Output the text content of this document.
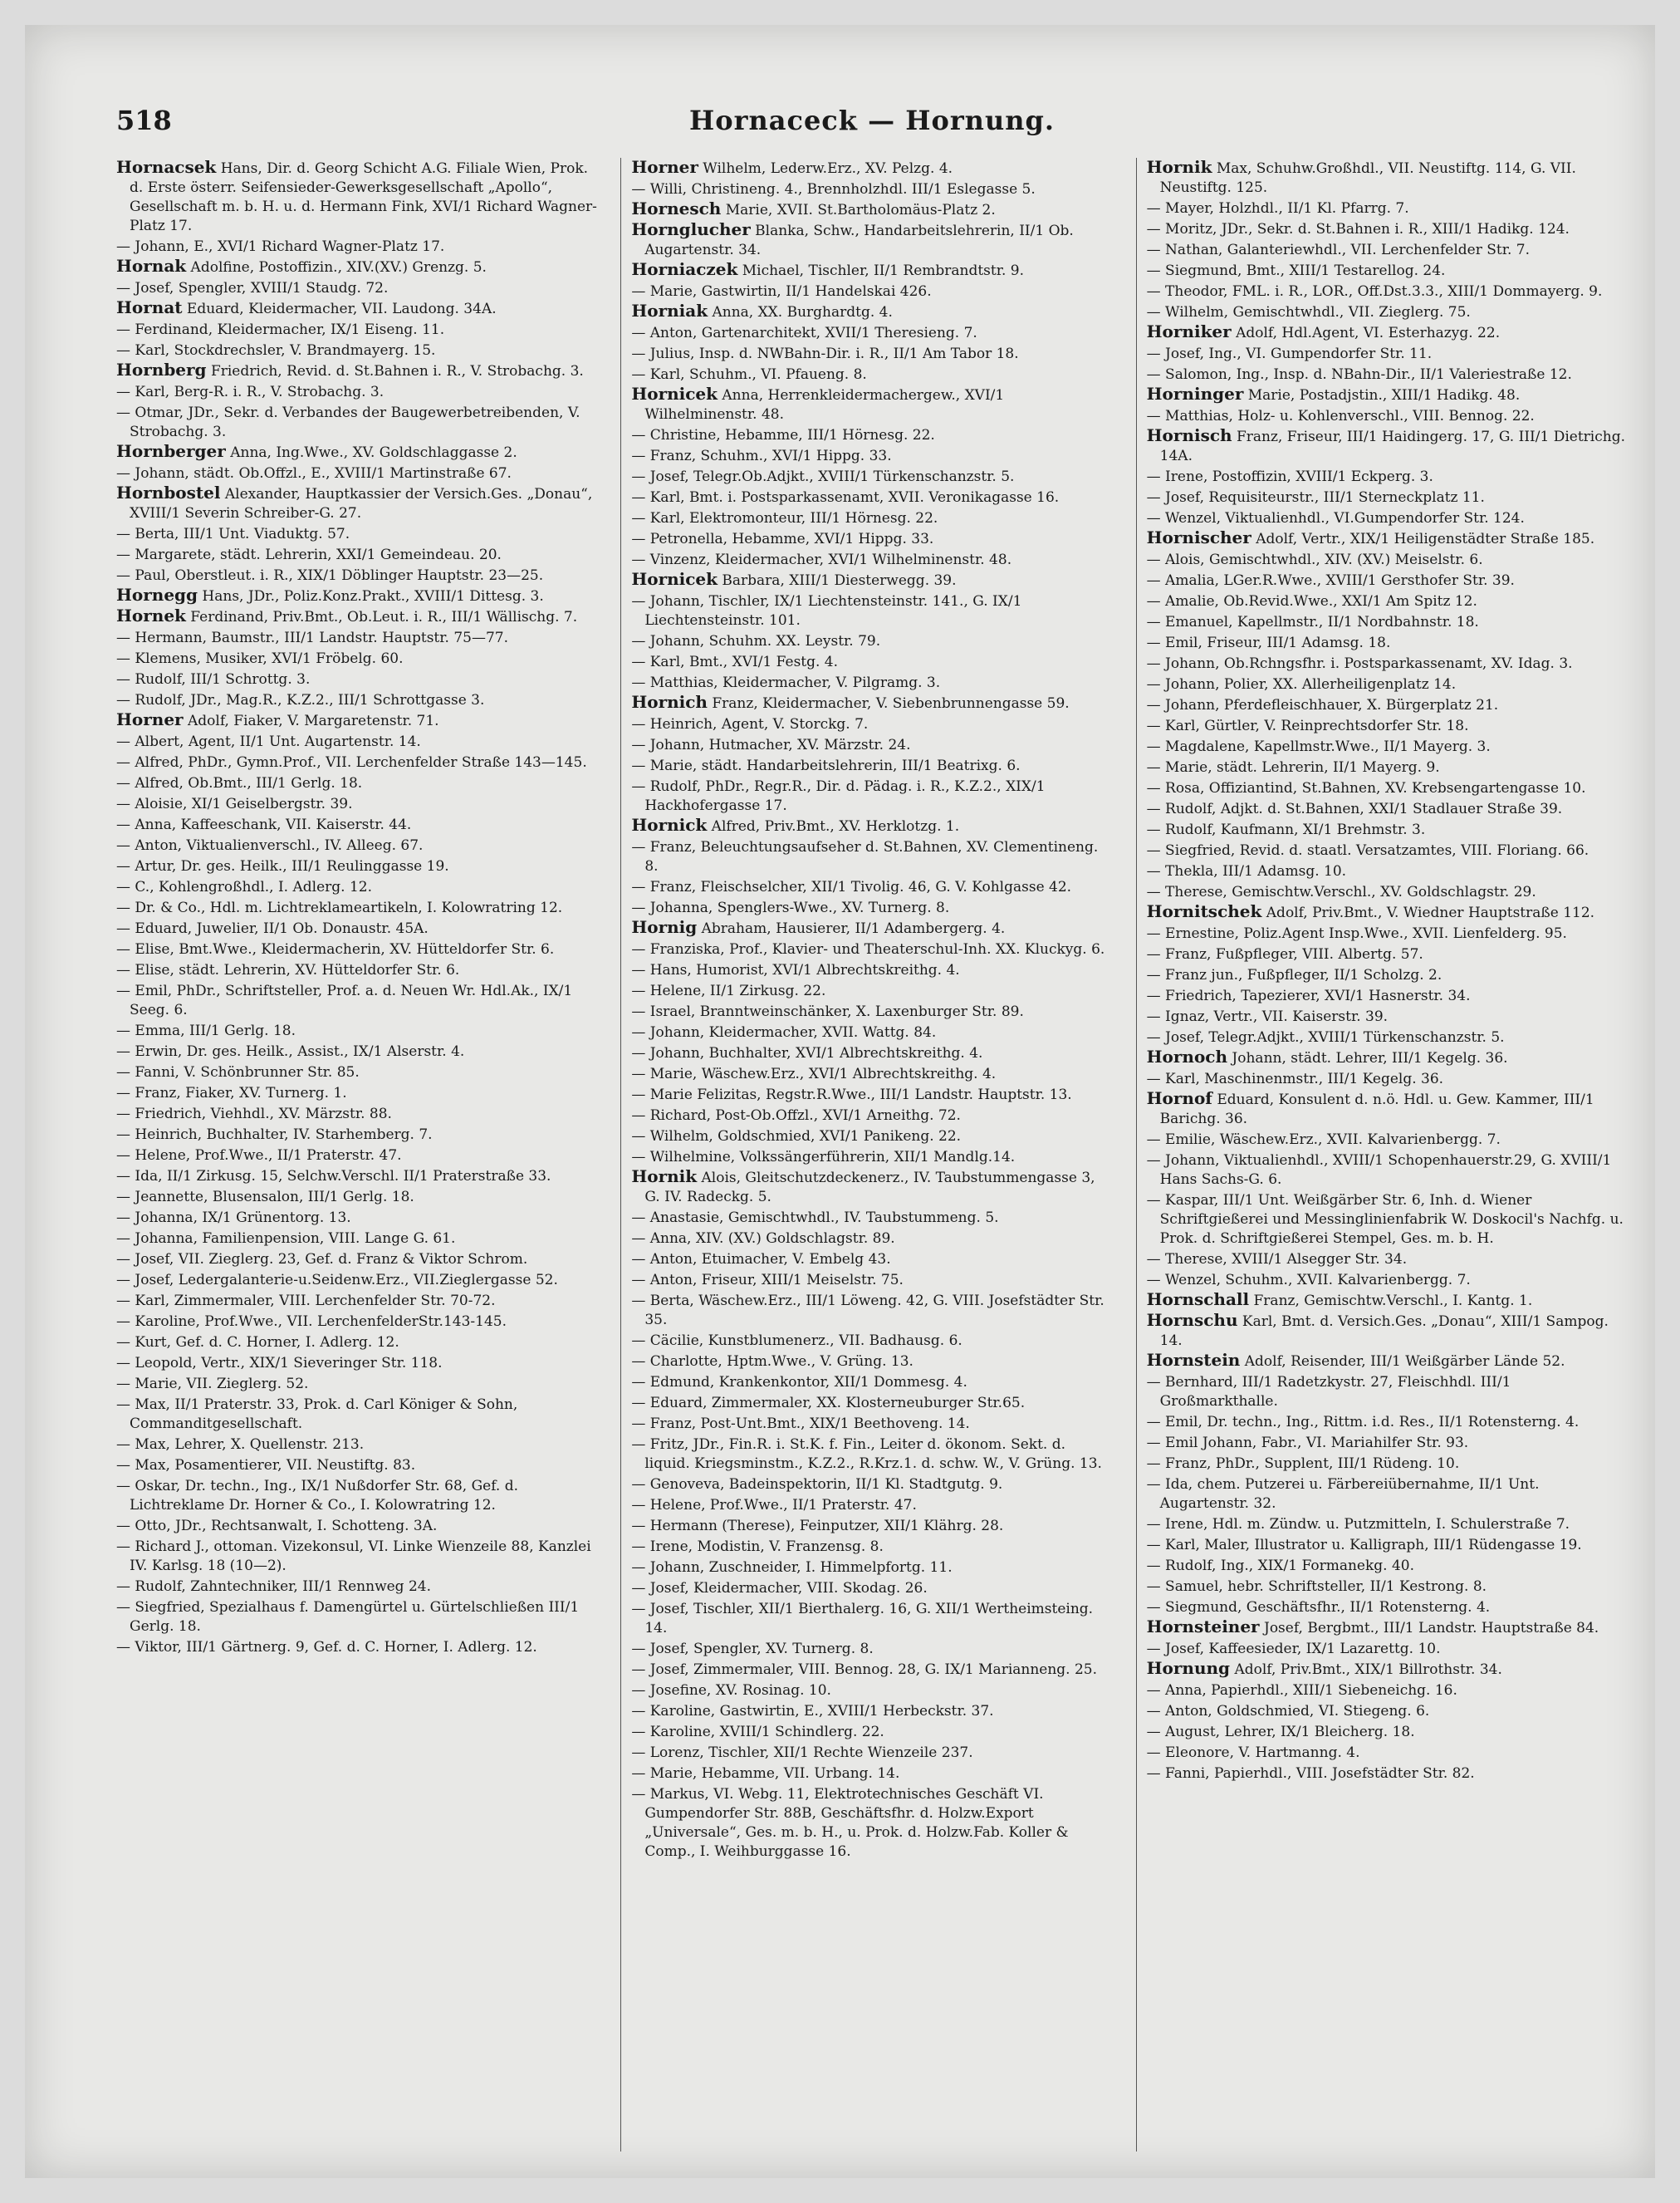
518	Hornaceck — Hornung.

Hornacsek Hans, Dir. d. Georg Schicht A.G. Filiale Wien, Prok. d. Erste österr. Seifensieder-Gewerksgesellschaft „Apollo“, Gesellschaft m. b. H. u. d. Hermann Fink, XVI/1 Richard Wagner-Platz 17.

— Johann, E., XVI/1 Richard Wagner-Platz 17.

Hornak Adolfine, Postoffizin., XIV.(XV.) Grenzg. 5.

— Josef, Spengler, XVIII/1 Staudg. 72.

Hornat Eduard, Kleidermacher, VII. Laudong. 34A.

— Ferdinand, Kleidermacher, IX/1 Eiseng. 11.

— Karl, Stockdrechsler, V. Brandmayerg. 15.

Hornberg Friedrich, Revid. d. St.Bahnen i. R., V. Strobachg. 3.

— Karl, Berg-R. i. R., V. Strobachg. 3.

— Otmar, JDr., Sekr. d. Verbandes der Baugewerbetreibenden, V. Strobachg. 3.

Hornberger Anna, Ing.Wwe., XV. Goldschlaggasse 2.

— Johann, städt. Ob.Offzl., E., XVIII/1 Martinstraße 67.

Hornbostel Alexander, Hauptkassier der Versich.Ges. „Donau“, XVIII/1 Severin Schreiber-G. 27.

— Berta, III/1 Unt. Viaduktg. 57.

— Margarete, städt. Lehrerin, XXI/1 Gemeindeau. 20.

— Paul, Oberstleut. i. R., XIX/1 Döblinger Hauptstr. 23—25.

Hornegg Hans, JDr., Poliz.Konz.Prakt., XVIII/1 Dittesg. 3.

Hornek Ferdinand, Priv.Bmt., Ob.Leut. i. R., III/1 Wällischg. 7.

— Hermann, Baumstr., III/1 Landstr. Hauptstr. 75—77.

— Klemens, Musiker, XVI/1 Fröbelg. 60.

— Rudolf, III/1 Schrottg. 3.

— Rudolf, JDr., Mag.R., K.Z.2., III/1 Schrottgasse 3.

Horner Adolf, Fiaker, V. Margaretenstr. 71.

— Albert, Agent, II/1 Unt. Augartenstr. 14.

— Alfred, PhDr., Gymn.Prof., VII. Lerchenfelder Straße 143—145.

— Alfred, Ob.Bmt., III/1 Gerlg. 18.

— Aloisie, XI/1 Geiselbergstr. 39.

— Anna, Kaffeeschank, VII. Kaiserstr. 44.

— Anton, Viktualienverschl., IV. Alleeg. 67.

— Artur, Dr. ges. Heilk., III/1 Reulinggasse 19.

— C., Kohlengroßhdl., I. Adlerg. 12.

— Dr. & Co., Hdl. m. Lichtreklameartikeln, I. Kolowratring 12.

— Eduard, Juwelier, II/1 Ob. Donaustr. 45A.

— Elise, Bmt.Wwe., Kleidermacherin, XV. Hütteldorfer Str. 6.

— Elise, städt. Lehrerin, XV. Hütteldorfer Str. 6.

— Emil, PhDr., Schriftsteller, Prof. a. d. Neuen Wr. Hdl.Ak., IX/1 Seeg. 6.

— Emma, III/1 Gerlg. 18.

— Erwin, Dr. ges. Heilk., Assist., IX/1 Alserstr. 4.

— Fanni, V. Schönbrunner Str. 85.

— Franz, Fiaker, XV. Turnerg. 1.

— Friedrich, Viehhdl., XV. Märzstr. 88.

— Heinrich, Buchhalter, IV. Starhemberg. 7.

— Helene, Prof.Wwe., II/1 Praterstr. 47.

— Ida, II/1 Zirkusg. 15, Selchw.Verschl. II/1 Praterstraße 33.

— Jeannette, Blusensalon, III/1 Gerlg. 18.

— Johanna, IX/1 Grünentorg. 13.

— Johanna, Familienpension, VIII. Lange G. 61.

— Josef, VII. Zieglerg. 23, Gef. d. Franz & Viktor Schrom.

— Josef, Ledergalanterie-u.Seidenw.Erz., VII.Zieglergasse 52.

— Karl, Zimmermaler, VIII. Lerchenfelder Str. 70-72.

— Karoline, Prof.Wwe., VII. LerchenfelderStr.143-145.

— Kurt, Gef. d. C. Horner, I. Adlerg. 12.

— Leopold, Vertr., XIX/1 Sieveringer Str. 118.

— Marie, VII. Zieglerg. 52.

— Max, II/1 Praterstr. 33, Prok. d. Carl Königer & Sohn, Commanditgesellschaft.

— Max, Lehrer, X. Quellenstr. 213.

— Max, Posamentierer, VII. Neustiftg. 83.

— Oskar, Dr. techn., Ing., IX/1 Nußdorfer Str. 68, Gef. d. Lichtreklame Dr. Horner & Co., I. Kolowratring 12.

— Otto, JDr., Rechtsanwalt, I. Schotteng. 3A.

— Richard J., ottoman. Vizekonsul, VI. Linke Wienzeile 88, Kanzlei IV. Karlsg. 18 (10—2).

— Rudolf, Zahntechniker, III/1 Rennweg 24.

— Siegfried, Spezialhaus f. Damengürtel u. Gürtelschließen III/1 Gerlg. 18.

— Viktor, III/1 Gärtnerg. 9, Gef. d. C. Horner, I. Adlerg. 12.

Horner Wilhelm, Lederw.Erz., XV. Pelzg. 4.

— Willi, Christineng. 4., Brennholzhdl. III/1 Eslegasse 5.

Hornesch Marie, XVII. St.Bartholomäus-Platz 2.

Hornglucher Blanka, Schw., Handarbeitslehrerin, II/1 Ob. Augartenstr. 34.

Horniaczek Michael, Tischler, II/1 Rembrandtstr. 9.

— Marie, Gastwirtin, II/1 Handelskai 426.

Horniak Anna, XX. Burghardtg. 4.

— Anton, Gartenarchitekt, XVII/1 Theresieng. 7.

— Julius, Insp. d. NWBahn-Dir. i. R., II/1 Am Tabor 18.

— Karl, Schuhm., VI. Pfaueng. 8.

Hornicek Anna, Herrenkleidermachergew., XVI/1 Wilhelminenstr. 48.

— Christine, Hebamme, III/1 Hörnesg. 22.

— Franz, Schuhm., XVI/1 Hippg. 33.

— Josef, Telegr.Ob.Adjkt., XVIII/1 Türkenschanzstr. 5.

— Karl, Bmt. i. Postsparkassenamt, XVII. Veronikagasse 16.

— Karl, Elektromonteur, III/1 Hörnesg. 22.

— Petronella, Hebamme, XVI/1 Hippg. 33.

— Vinzenz, Kleidermacher, XVI/1 Wilhelminenstr. 48.

Hornicek Barbara, XIII/1 Diesterwegg. 39.

— Johann, Tischler, IX/1 Liechtensteinstr. 141., G. IX/1 Liechtensteinstr. 101.

— Johann, Schuhm. XX. Leystr. 79.

— Karl, Bmt., XVI/1 Festg. 4.

— Matthias, Kleidermacher, V. Pilgramg. 3.

Hornich Franz, Kleidermacher, V. Siebenbrunnengasse 59.

— Heinrich, Agent, V. Storckg. 7.

— Johann, Hutmacher, XV. Märzstr. 24.

— Marie, städt. Handarbeitslehrerin, III/1 Beatrixg. 6.

— Rudolf, PhDr., Regr.R., Dir. d. Pädag. i. R., K.Z.2., XIX/1 Hackhofergasse 17.

Hornick Alfred, Priv.Bmt., XV. Herklotzg. 1.

— Franz, Beleuchtungsaufseher d. St.Bahnen, XV. Clementineng. 8.

— Franz, Fleischselcher, XII/1 Tivolig. 46, G. V. Kohlgasse 42.

— Johanna, Spenglers-Wwe., XV. Turnerg. 8.

Hornig Abraham, Hausierer, II/1 Adambergerg. 4.

— Franziska, Prof., Klavier- und Theaterschul-Inh. XX. Kluckyg. 6.

— Hans, Humorist, XVI/1 Albrechtskreithg. 4.

— Helene, II/1 Zirkusg. 22.

— Israel, Branntweinschänker, X. Laxenburger Str. 89.

— Johann, Kleidermacher, XVII. Wattg. 84.

— Johann, Buchhalter, XVI/1 Albrechtskreithg. 4.

— Marie, Wäschew.Erz., XVI/1 Albrechtskreithg. 4.

— Marie Felizitas, Regstr.R.Wwe., III/1 Landstr. Hauptstr. 13.

— Richard, Post-Ob.Offzl., XVI/1 Arneithg. 72.

— Wilhelm, Goldschmied, XVI/1 Panikeng. 22.

— Wilhelmine, Volkssängerführerin, XII/1 Mandlg.14.

Hornik Alois, Gleitschutzdeckenerz., IV. Taubstummengasse 3, G. IV. Radeckg. 5.

— Anastasie, Gemischtwhdl., IV. Taubstummeng. 5.

— Anna, XIV. (XV.) Goldschlagstr. 89.

— Anton, Etuimacher, V. Embelg 43.

— Anton, Friseur, XIII/1 Meiselstr. 75.

— Berta, Wäschew.Erz., III/1 Löweng. 42, G. VIII. Josefstädter Str. 35.

— Cäcilie, Kunstblumenerz., VII. Badhausg. 6.

— Charlotte, Hptm.Wwe., V. Grüng. 13.

— Edmund, Krankenkontor, XII/1 Dommesg. 4.

— Eduard, Zimmermaler, XX. Klosterneuburger Str.65.

— Franz, Post-Unt.Bmt., XIX/1 Beethoveng. 14.

— Fritz, JDr., Fin.R. i. St.K. f. Fin., Leiter d. ökonom. Sekt. d. liquid. Kriegsminstm., K.Z.2., R.Krz.1. d. schw. W., V. Grüng. 13.

— Genoveva, Badeinspektorin, II/1 Kl. Stadtgutg. 9.

— Helene, Prof.Wwe., II/1 Praterstr. 47.

— Hermann (Therese), Feinputzer, XII/1 Klährg. 28.

— Irene, Modistin, V. Franzensg. 8.

— Johann, Zuschneider, I. Himmelpfortg. 11.

— Josef, Kleidermacher, VIII. Skodag. 26.

— Josef, Tischler, XII/1 Bierthalerg. 16, G. XII/1 Wertheimsteing. 14.

— Josef, Spengler, XV. Turnerg. 8.

— Josef, Zimmermaler, VIII. Bennog. 28, G. IX/1 Marianneng. 25.

— Josefine, XV. Rosinag. 10.

— Karoline, Gastwirtin, E., XVIII/1 Herbeckstr. 37.

— Karoline, XVIII/1 Schindlerg. 22.

— Lorenz, Tischler, XII/1 Rechte Wienzeile 237.

— Marie, Hebamme, VII. Urbang. 14.

— Markus, VI. Webg. 11, Elektrotechnisches Geschäft VI. Gumpendorfer Str. 88B, Geschäftsfhr. d. Holzw.Export „Universale“, Ges. m. b. H., u. Prok. d. Holzw.Fab. Koller & Comp., I. Weihburggasse 16.

Hornik Max, Schuhw.Großhdl., VII. Neustiftg. 114, G. VII. Neustiftg. 125.

— Mayer, Holzhdl., II/1 Kl. Pfarrg. 7.

— Moritz, JDr., Sekr. d. St.Bahnen i. R., XIII/1 Hadikg. 124.

— Nathan, Galanteriewhdl., VII. Lerchenfelder Str. 7.

— Siegmund, Bmt., XIII/1 Testarellog. 24.

— Theodor, FML. i. R., LOR., Off.Dst.3.3., XIII/1 Dommayerg. 9.

— Wilhelm, Gemischtwhdl., VII. Zieglerg. 75.

Horniker Adolf, Hdl.Agent, VI. Esterhazyg. 22.

— Josef, Ing., VI. Gumpendorfer Str. 11.

— Salomon, Ing., Insp. d. NBahn-Dir., II/1 Valeriestraße 12.

Horninger Marie, Postadjstin., XIII/1 Hadikg. 48.

— Matthias, Holz- u. Kohlenverschl., VIII. Bennog. 22.

Hornisch Franz, Friseur, III/1 Haidingerg. 17, G. III/1 Dietrichg. 14A.

— Irene, Postoffizin, XVIII/1 Eckperg. 3.

— Josef, Requisiteurstr., III/1 Sterneckplatz 11.

— Wenzel, Viktualienhdl., VI.Gumpendorfer Str. 124.

Hornischer Adolf, Vertr., XIX/1 Heiligenstädter Straße 185.

— Alois, Gemischtwhdl., XIV. (XV.) Meiselstr. 6.

— Amalia, LGer.R.Wwe., XVIII/1 Gersthofer Str. 39.

— Amalie, Ob.Revid.Wwe., XXI/1 Am Spitz 12.

— Emanuel, Kapellmstr., II/1 Nordbahnstr. 18.

— Emil, Friseur, III/1 Adamsg. 18.

— Johann, Ob.Rchngsfhr. i. Postsparkassenamt, XV. Idag. 3.

— Johann, Polier, XX. Allerheiligenplatz 14.

— Johann, Pferdefleischhauer, X. Bürgerplatz 21.

— Karl, Gürtler, V. Reinprechtsdorfer Str. 18.

— Magdalene, Kapellmstr.Wwe., II/1 Mayerg. 3.

— Marie, städt. Lehrerin, II/1 Mayerg. 9.

— Rosa, Offiziantind, St.Bahnen, XV. Krebsengartengasse 10.

— Rudolf, Adjkt. d. St.Bahnen, XXI/1 Stadlauer Straße 39.

— Rudolf, Kaufmann, XI/1 Brehmstr. 3.

— Siegfried, Revid. d. staatl. Versatzamtes, VIII. Floriang. 66.

— Thekla, III/1 Adamsg. 10.

— Therese, Gemischtw.Verschl., XV. Goldschlagstr. 29.

Hornitschek Adolf, Priv.Bmt., V. Wiedner Hauptstraße 112.

— Ernestine, Poliz.Agent Insp.Wwe., XVII. Lienfelderg. 95.

— Franz, Fußpfleger, VIII. Albertg. 57.

— Franz jun., Fußpfleger, II/1 Scholzg. 2.

— Friedrich, Tapezierer, XVI/1 Hasnerstr. 34.

— Ignaz, Vertr., VII. Kaiserstr. 39.

— Josef, Telegr.Adjkt., XVIII/1 Türkenschanzstr. 5.

Hornoch Johann, städt. Lehrer, III/1 Kegelg. 36.

— Karl, Maschinenmstr., III/1 Kegelg. 36.

Hornof Eduard, Konsulent d. n.ö. Hdl. u. Gew. Kammer, III/1 Barichg. 36.

— Emilie, Wäschew.Erz., XVII. Kalvarienbergg. 7.

— Johann, Viktualienhdl., XVIII/1 Schopenhauerstr.29, G. XVIII/1 Hans Sachs-G. 6.

— Kaspar, III/1 Unt. Weißgärber Str. 6, Inh. d. Wiener Schriftgießerei und Messinglinienfabrik W. Doskocil's Nachfg. u. Prok. d. Schriftgießerei Stempel, Ges. m. b. H.

— Therese, XVIII/1 Alsegger Str. 34.

— Wenzel, Schuhm., XVII. Kalvarienbergg. 7.

Hornschall Franz, Gemischtw.Verschl., I. Kantg. 1.

Hornschu Karl, Bmt. d. Versich.Ges. „Donau“, XIII/1 Sampog. 14.

Hornstein Adolf, Reisender, III/1 Weißgärber Lände 52.

— Bernhard, III/1 Radetzkystr. 27, Fleischhdl. III/1 Großmarkthalle.

— Emil, Dr. techn., Ing., Rittm. i.d. Res., II/1 Rotensterng. 4.

— Emil Johann, Fabr., VI. Mariahilfer Str. 93.

— Franz, PhDr., Supplent, III/1 Rüdeng. 10.

— Ida, chem. Putzerei u. Färbereiübernahme, II/1 Unt. Augartenstr. 32.

— Irene, Hdl. m. Zündw. u. Putzmitteln, I. Schulerstraße 7.

— Karl, Maler, Illustrator u. Kalligraph, III/1 Rüdengasse 19.

— Rudolf, Ing., XIX/1 Formanekg. 40.

— Samuel, hebr. Schriftsteller, II/1 Kestrong. 8.

— Siegmund, Geschäftsfhr., II/1 Rotensterng. 4.

Hornsteiner Josef, Bergbmt., III/1 Landstr. Hauptstraße 84.

— Josef, Kaffeesieder, IX/1 Lazarettg. 10.

Hornung Adolf, Priv.Bmt., XIX/1 Billrothstr. 34.

— Anna, Papierhdl., XIII/1 Siebeneichg. 16.

— Anton, Goldschmied, VI. Stiegeng. 6.

— August, Lehrer, IX/1 Bleicherg. 18.

— Eleonore, V. Hartmanng. 4.

— Fanni, Papierhdl., VIII. Josefstädter Str. 82.
